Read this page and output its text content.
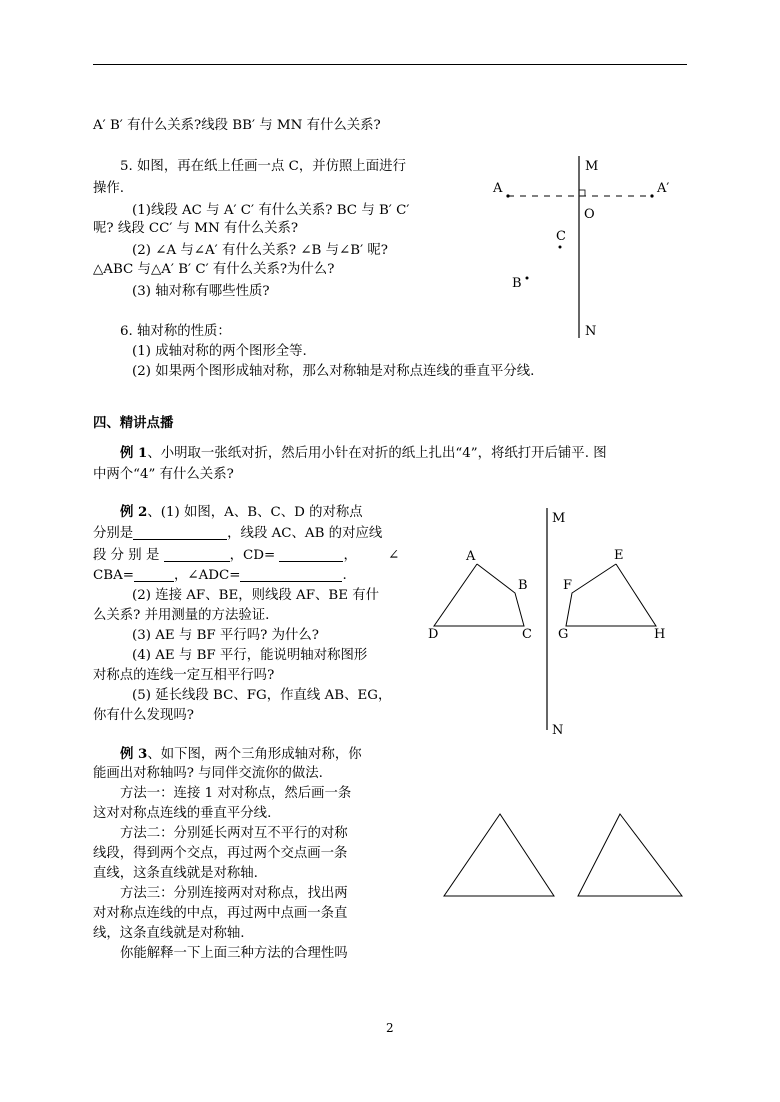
A′ B′ 有什么关系?线段 BB′ 与 MN 有什么关系?
5. 如图，再在纸上任画一点 C，并仿照上面进行
操作.
(1)线段 AC 与 A′ C′ 有什么关系? BC 与 B′ C′
呢? 线段 CC′ 与 MN 有什么关系?
(2) ∠A 与∠A′ 有什么关系? ∠B 与∠B′ 呢?
△ABC 与△A′ B′ C′ 有什么关系?为什么?
(3) 轴对称有哪些性质?
6. 轴对称的性质：
(1) 成轴对称的两个图形全等.
(2) 如果两个图形成轴对称，那么对称轴是对称点连线的垂直平分线.
四、精讲点播
例 1、小明取一张纸对折，然后用小针在对折的纸上扎出“4”，将纸打开后铺平. 图
中两个“4” 有什么关系?
例 2、(1) 如图，A、B、C、D 的对称点
分别是	，线段 AC、AB 的对应线
段 分 别 是	，CD=	， ∠
CBA=	，∠ADC=	.
(2) 连接 AF、BE，则线段 AF、BE 有什
么关系? 并用测量的方法验证.
(3) AE 与 BF 平行吗? 为什么?
(4) AE 与 BF 平行，能说明轴对称图形
对称点的连线一定互相平行吗?
(5) 延长线段 BC、FG，作直线 AB、EG，
你有什么发现吗?
例 3、如下图，两个三角形成轴对称，你
能画出对称轴吗? 与同伴交流你的做法.
方法一：连接 1 对对称点，然后画一条
这对对称点连线的垂直平分线.
方法二：分别延长两对互不平行的对称
线段，得到两个交点，再过两个交点画一条
直线，这条直线就是对称轴.
方法三：分别连接两对对称点，找出两
对对称点连线的中点，再过两中点画一条直
线，这条直线就是对称轴.
你能解释一下上面三种方法的合理性吗
M
N
O
A	A′
C
B
M
N
A
B
C
D
E
F
G	H
2
